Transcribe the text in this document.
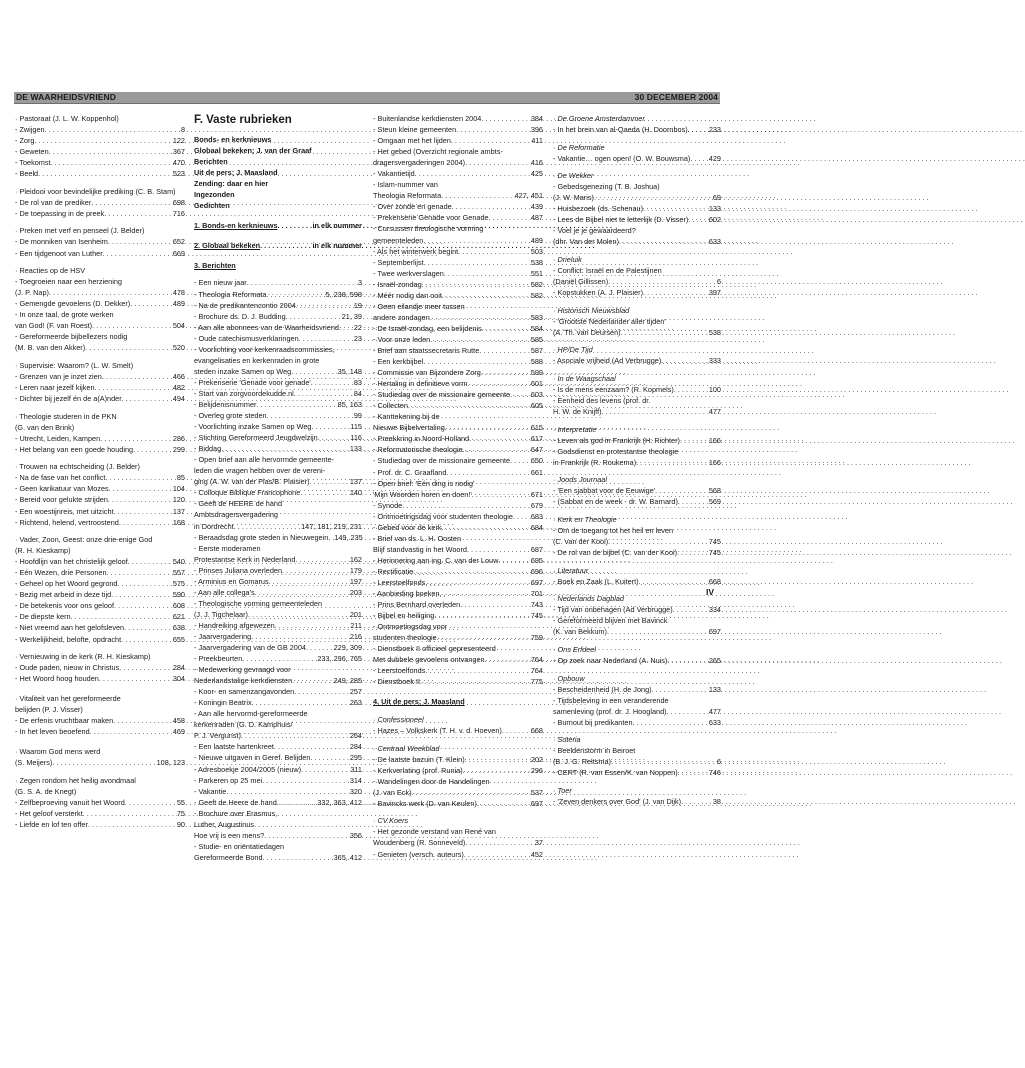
DE WAARHEIDSVRIEND	30 DECEMBER 2004
· Pastoraat (J. L. W. Koppenhol)
- Zwijgen . . .	8
- Zorg . . .	122
- Geweten . . .	367
- Toekomst . . .	470
- Beeld . . .	523
· Pleidooi voor bevindelijke prediking (C. B. Stam)
- De rol van de prediker . . .	698
- De toepassing in de preek . . .	716
· Preken met verf en penseel (J. Belder)
- De monniken van Isenheim . . .	652
- Een tijdgenoot van Luther . . .	669
· Reacties op de HSV
- Toegroeien naar een herziening
(J. P. Nap) . . .	478
- Gemengde gevoelens (D. Dekker) . . .	489
- In onze taal, de grote werken
van God! (F. van Roest) . . .	504
- Gereformeerde bijbellezers nodig
(M. B. van den Akker) . . .	520
· Supervisie: Waarom? (L. W. Smelt)
- Grenzen van je inzet zien . . .	466
- Leren naar jezelf kijken . . .	482
- Dichter bij jezelf én de a(A)nder . . .	494
· Theologie studeren in de PKN
(G. van den Brink)
- Utrecht, Leiden, Kampen . . .	286
- Het belang van een goede houding . . .	299
· Trouwen na echtscheiding (J. Belder)
- Na de fase van het conflict . . .	85
- Geen karikatuur van Mozes . . .	104
- Bereid voor gelukte strijden . . .	120
- Een woestijnreis, met uitzicht . . .	137
- Richtend, helend, vertroostend . . .	168
· Vader, Zoon, Geest: onze drie-enige God
(R. H. Kieskamp)
- Hoofdlijn van het christelijk geloof . . .	540
- Eén Wezen, drie Personen . . .	557
- Geheel op het Woord gegrond . . .	575
- Bezig met arbeid in deze tijd . . .	590
- De betekenis voor ons geloof . . .	608
- De diepste kern . . .	621
- Niet vreemd aan het gelofsleven . . .	638
- Werkelijkheid, belofte, opdracht . . .	655
· Vernieuwing in de kerk (R. H. Kieskamp)
- Oude paden, nieuw in Christus . . .	284
- Het Woord hoog houden . . .	304
· Vitaliteit van het gereformeerde
belijden (P. J. Visser)
- De erfenis vruchtbaar maken . . .	458
- In het leven beoefend . . .	469
· Waarom God mens werd
(S. Meijers) . . .	108, 123
· Zegen rondom het heilig avondmaal
(G. S. A. de Knegt)
- Zelfbeproeving vanuit het Woord . . .	55
- Het geloof versterkt . . .	75
- Liefde en lof ten offer . . .	90
F. Vaste rubrieken
Bonds- en kerknieuws
Globaal bekeken; J. van der Graaf
Berichten
Uit de pers; J. Maasland
Zending: daar en hier
Ingezonden
Gedichten
1. Bonds-en kerknieuws . . .	in elk nummer
2. Globaal bekeken . . .	in elk nummer
3. Berichten
- Een nieuw jaar . . .	3
- Theologia Reformata . . .	5, 238, 598
- Na de predikantencontio 2004 . . .	19
- Brochure ds. D. J. Budding . . .	21, 39
- Aan alle abonnees van de Waarheidsvriend . . . 22
- Oude catechismusverklaringen . . .	23
- Voorlichting voor kerkenraadscommissies,
evangelisaties en kerkenraden in grote
steden inzake Samen op Weg . . .	35, 148
- Prekenserie 'Genade voor genade' . . .	83
- Start van zorgvoordekudde.nl . . .	84
- Belijdenisnummer . . .	85, 163
- Overleg grote steden . . .	99
- Voorlichting inzake Samen op Weg . . .	115
- Stichting Gereformeerd Jeugdwelzijn . . .	116
- Biddag . . .	133
- Open brief aan alle hervormde gemeente-
leden die vragen hebben over de vereni-
ging (A. W. van der Plas/B. Plaisier) . . .	137
- Colloque Biblique Francophone . . .	140
- Geeft de HEERE de hand
Ambtsdragersvergadering
in Dordrecht . . .	147, 181, 219, 231
- Beraadsdag grote steden in Nieuwegein . . . 149, 235
- Eerste moderamen
Protestantse Kerk in Nederland . . .	162
- Prinses Juliana overleden . . .	179
- Arminius en Gomarus . . .	197
- Aan alle collega's . . .	203
- Theologische vorming gemeenteleden
(J. J. Tigchelaar) . . .	201
- Handreiking afgewezen . . .	211
- Jaarvergadering . . .	216
- Jaarvergadering van de GB 2004 . . .	229, 309
- Preekbeurten . . .	233, 296, 765
- Medewerking gevraagd voor
Nederlandstalige kerkdiensten . . .	249, 285
- Koor- en samenzangavonden . . .	257
- Koningin Beatrix . . .	263
- Aan alle hervormd-gereformeerde
kerkenraden (G. D. Kamphuis/
P. J. Vergunst) . . .	264
- Een laatste hartenkreet . . .	284
- Nieuwe uitgaven in Geref. Belijden . . .	295
- Adresboekje 2004/2005 (nieuw) . . .	311
- Parkeren op 25 mei . . .	314
- Vakantie . . .	320
- Geeft de Heere de hand . . .	332, 363, 412
- Brochure over Erasmus,
Luther, Augustinus
Hoe vrij is een mens? . . .	356
- Studie- en oriëntatiedagen
Gereformeerde Bond . . .	365, 412
- Buitenlandse kerkdiensten 2004 . . .	384
- Steun kleine gemeenten . . .	396
- Omgaan met het lijden . . .	411
- Het gebed (Overzicht regionale ambts-
dragersvergaderingen 2004) . . .	416
- Vakantietijd . . .	425
- Islam-nummer van
Theologia Reformata . . .	427, 451
- Over zonde en genade . . .	439
- Prekenserie Genade voor Genade . . .	487
- Cursussen theologische vorming
gemeenteleden . . .	489
- Als het winterwerk begint . . .	503
- Septemberlijst . . .	538
- Twee werkverslagen . . .	551
- Israël-zondag . . .	582
- Méér nodig dan ooit . . .	582
- Geen eilandje meer tussen
andere zondagen . . .	583
- De Israël-zondag, een belijdenis . . .	584
- Voor onze leden . . .	585
- Brief aan staatssecretaris Rutte . . .	587
- Een kerkbijbel . . .	588
- Commissie van Bijzondere Zorg . . .	599
- Hertaling in definitieve vorm . . .	601
- Studiedag over de missionaire gemeente . . .	603
- Collecten . . .	605
- Kanttekening bij de
Nieuwe Bijbelvertaling . . .	615
- Preekkring in Noord-Holland . . .	617
- Reformatorische theologie . . .	647
- Studiedag over de missionaire gemeente . . .	650
- Prof. dr. C. Graafland . . .	661
- Open brief: 'Eén ding is nodig'
'Mijn Woorden horen en doen!' . . .	671
- Synode . . .	679
- Ontmoetingsdag voor studenten theologie . . . 683
- Gebed voor de kerk . . .	684
- Brief van ds. L. H. Oosten
Blijf standvastig in het Woord . . .	687
- Herinnering aan ing. C. van der Louw . . .	695
- Rectificatie . . .	696
- Leerstoelfonds . . .	697
- Aanbieding boeken . . .	701
- Prins Bernhard overleden . . .	743
- Bijbel en heiliging . . .	745
- Ontmoetingsdag voor
studenten theologie . . .	759
- Dienstboek II officieel gepresenteerd
Met dubbele gevoelens ontvangen . . .	764
- Leerstoelfonds . . .	764
- Dienstboek II . . .	775
4. Uit de pers; J. Maasland
· Confessioneel
- Hazes – Volkskerk (T. H. v. d. Hoeven) . . .	668
· Centraal Weekblad
- De laatste bazuin (T. Klein) . . .	202
- Kerkverlating (prof. Runia) . . .	296
- Wandelingen door de Handelingen
(J. van Eck) . . .	537
- Bavincks werk (D. van Keulen) . . .	697
· CV.Koers
- Het gezonde verstand van René van
Woudenberg (R. Sonneveld) . . .	37
- Genieten (versch. auteurs) . . .	452
· De Groene Amsterdammer
- In het brein van al-Qaeda (H. Doornbos) . . .	233
· De Reformatie
- Vakantie… ogen open! (O. W. Bouwsma) . . .	429
· De Wekker
- Gebedsgenezing (T. B. Joshua)
(J. W. Maris) . . .	69
- Huisbezoek (ds. Schenau) . . .	133
- Lees de Bijbel niet te letterlijk (D. Visser) . . .	602
- Voel je je gewaardeerd?
(dhr. Van der Molen) . . .	633
· Drieluik
- Conflict: Israël en de Palestijnen
(Daniël Gillissen) . . .	6
- Kopstukken (A. J. Plaisier) . . .	397
· Historisch Nieuwsblad
- 'Grootste Nederlander aller tijden'
(A. Th. van Deursen) . . .	538
· HP/De Tijd
- Asociale vrijheid (Ad Verbrugge) . . .	333
· In de Waagschaal
- Is de mens eenzaam? (R. Kopmels) . . .	100
- Eenheid des levens (prof. dr.
H. W. de Knijff) . . .	477
· Interpretatie
- Leven als god in Frankrijk (H. Richter) . . .	166
- Godsdienst en protestantse theologie
in Frankrijk (R. Roukema) . . .	166
· Joods Journaal
- 'Een sjabbat voor de Eeuwige' . . .	568
- (Sabbat en de week - dr. W. Barnard) . . .	569
· Kerk en Theologie
- Om de toegang tot het heil en leven
(C. van der Kooi) . . .	745
- De rol van de bijbel (C. van der Kooi) . . .	745
· Literatuur
- Boek en Zaak (L. Kuitert) . . .	668
· Nederlands Dagblad
- Tijd van onbehagen (Ad Verbrugge) . . .	334
- Gereformeerd blijven met Bavinck
(K. van Bekkum) . . .	697
· Ons Erfdeel
- Op zoek naar Nederland (A. Nuis) . . .	265
· Opbouw
- Bescheidenheid (H. de Jong) . . .	133
- Tijdsbeleving in een veranderende
samenleving (prof. dr. J. Hoogland) . . .	477
- Burnout bij predikanten . . .	633
· Soteria
- Beeldenstorm in Beiroet
(B. J. G. Reitsma) . . .	6
- CERT (R. van Essen/K. van Noppen) . . .	746
· Toer
- 'Zeven denkers over God' (J. van Dijk) . . .	38
IV
